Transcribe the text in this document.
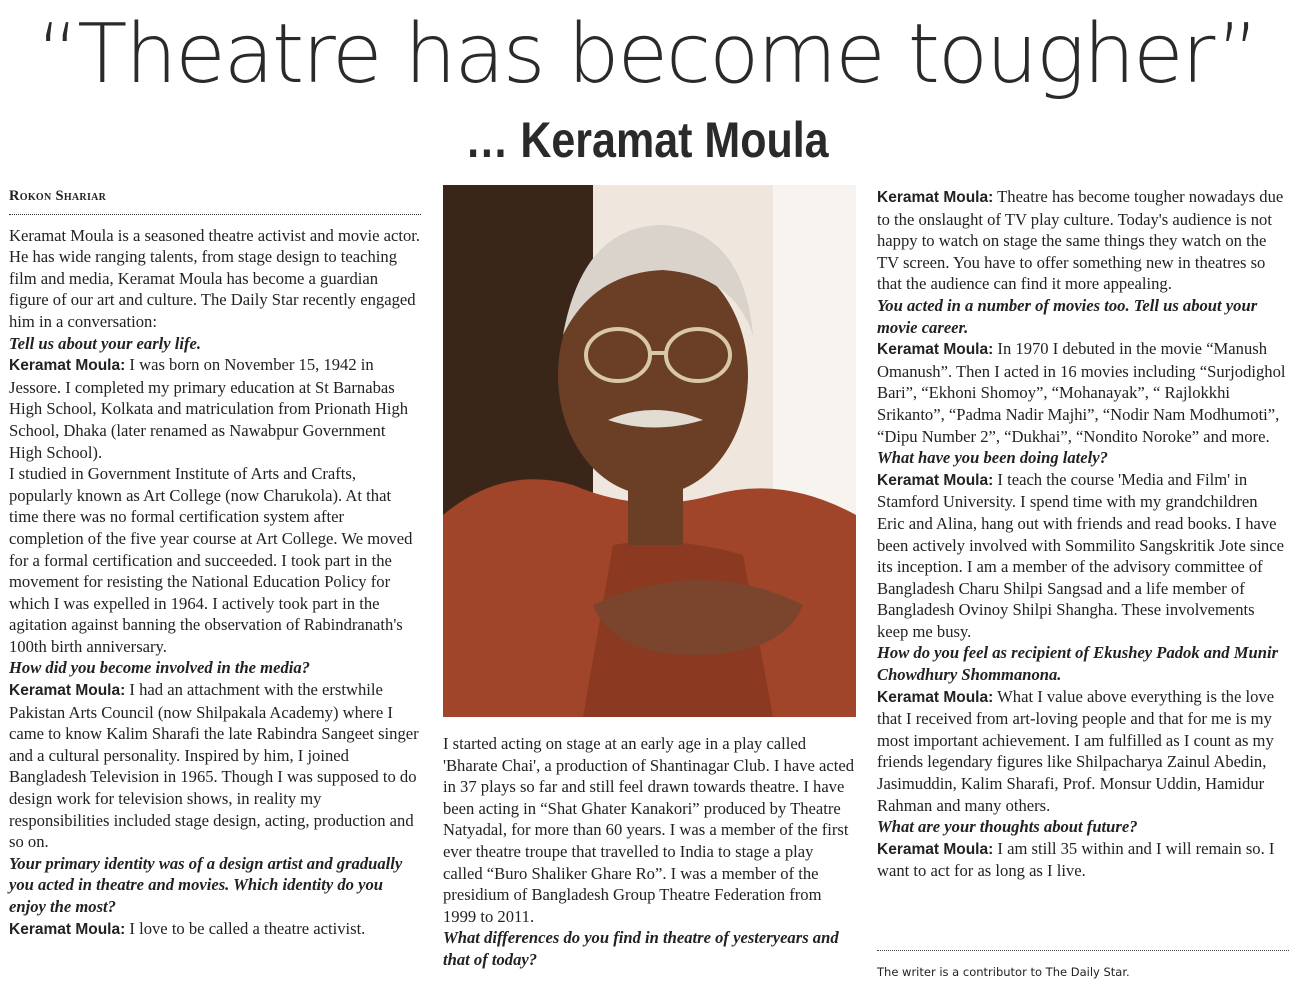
“Theatre has become tougher”
… Keramat Moula
Rokon Shariar

Keramat Moula is a seasoned theatre activist and movie actor. He has wide ranging talents, from stage design to teaching film and media, Keramat Moula has become a guardian figure of our art and culture. The Daily Star recently engaged him in a conversation:

Tell us about your early life.

Keramat Moula: I was born on November 15, 1942 in Jessore. I completed my primary education at St Barnabas High School, Kolkata and matriculation from Prionath High School, Dhaka (later renamed as Nawabpur Government High School).

I studied in Government Institute of Arts and Crafts, popularly known as Art College (now Charukola). At that time there was no formal certification system after completion of the five year course at Art College. We moved for a formal certification and succeeded. I took part in the movement for resisting the National Education Policy for which I was expelled in 1964. I actively took part in the agitation against banning the observation of Rabindranath's 100th birth anniversary.

How did you become involved in the media?

Keramat Moula: I had an attachment with the erstwhile Pakistan Arts Council (now Shilpakala Academy) where I came to know Kalim Sharafi the late Rabindra Sangeet singer and a cultural personality. Inspired by him, I joined Bangladesh Television in 1965. Though I was supposed to do design work for television shows, in reality my responsibilities included stage design, acting, production and so on.

Your primary identity was of a design artist and gradually you acted in theatre and movies. Which identity do you enjoy the most?

Keramat Moula: I love to be called a theatre activist.

I started acting on stage at an early age in a play called 'Bharate Chai', a production of Shantinagar Club. I have acted in 37 plays so far and still feel drawn towards theatre. I have been acting in “Shat Ghater Kanakori” produced by Theatre Natyadal, for more than 60 years. I was a member of the first ever theatre troupe that travelled to India to stage a play called “Buro Shaliker Ghare Ro”. I was a member of the presidium of Bangladesh Group Theatre Federation from 1999 to 2011.

What differences do you find in theatre of yesteryears and that of today?

Keramat Moula: Theatre has become tougher nowadays due to the onslaught of TV play culture. Today's audience is not happy to watch on stage the same things they watch on the TV screen. You have to offer something new in theatres so that the audience can find it more appealing.

You acted in a number of movies too. Tell us about your movie career.

Keramat Moula: In 1970 I debuted in the movie “Manush Omanush”. Then I acted in 16 movies including “Surjodighol Bari”, “Ekhoni Shomoy”, “Mohanayak”, “ Rajlokkhi Srikanto”, “Padma Nadir Majhi”, “Nodir Nam Modhumoti”, “Dipu Number 2”, “Dukhai”, “Nondito Noroke” and more.

What have you been doing lately?

Keramat Moula: I teach the course 'Media and Film' in Stamford University. I spend time with my grandchildren Eric and Alina, hang out with friends and read books. I have been actively involved with Sommilito Sangskritik Jote since its inception. I am a member of the advisory committee of Bangladesh Charu Shilpi Sangsad and a life member of Bangladesh Ovinoy Shilpi Shangha. These involvements keep me busy.

How do you feel as recipient of Ekushey Padok and Munir Chowdhury Shommanona.

Keramat Moula: What I value above everything is the love that I received from art-loving people and that for me is my most important achievement. I am fulfilled as I count as my friends legendary figures like Shilpacharya Zainul Abedin, Jasimuddin, Kalim Sharafi, Prof. Monsur Uddin, Hamidur Rahman and many others.

What are your thoughts about future?

Keramat Moula: I am still 35 within and I will remain so. I want to act for as long as I live.

The writer is a contributor to The Daily Star.
